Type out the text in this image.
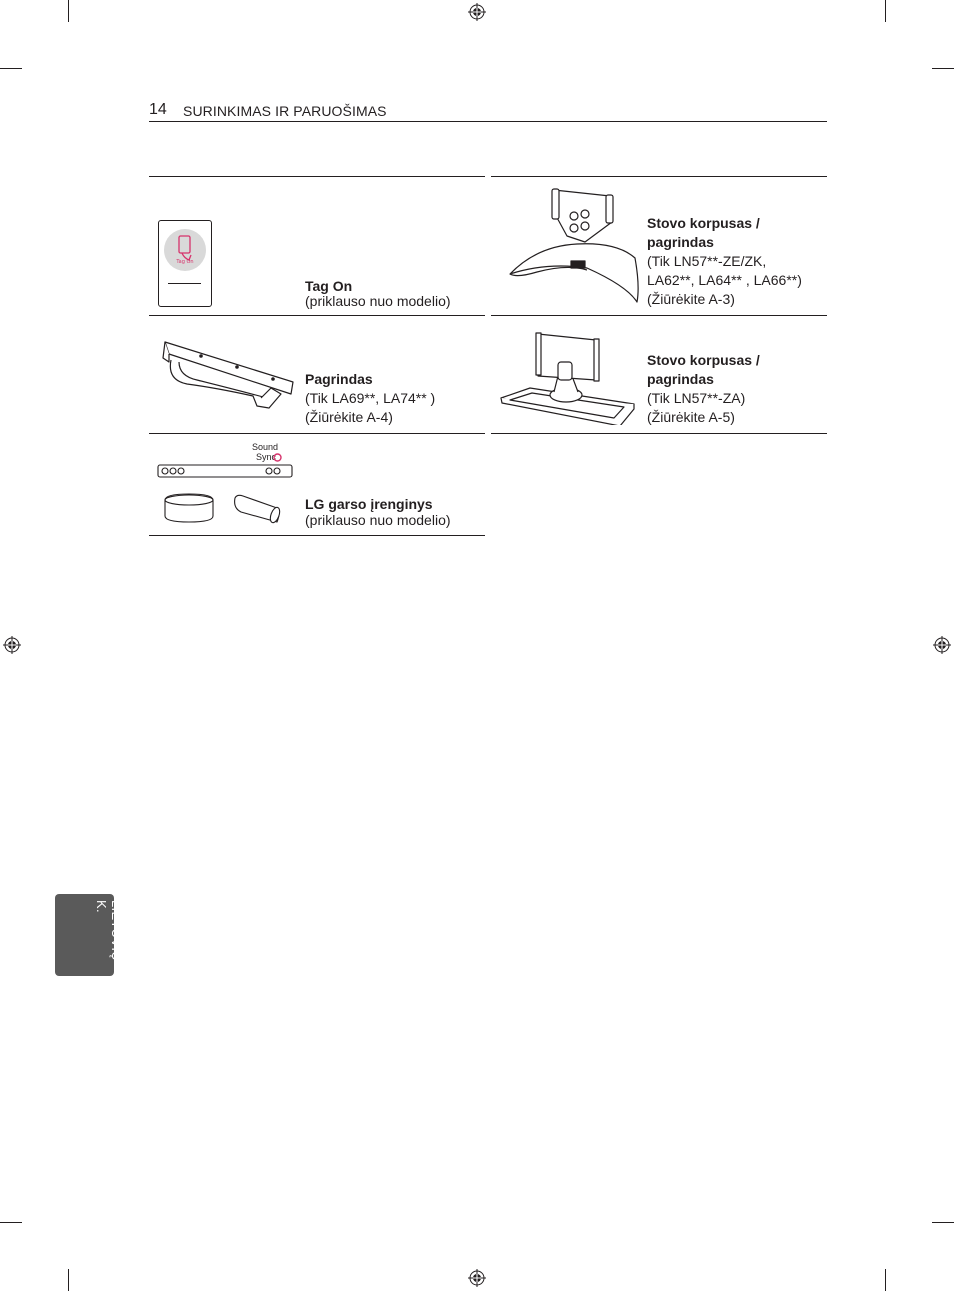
14 SURINKIMAS IR PARUOŠIMAS
Tag On
Tag On
(priklauso nuo modelio)
Stovo korpusas /
pagrindas
(Tik LN57**-ZE/ZK,
LA62**, LA64** , LA66**)
(Žiūrėkite A-3)
Pagrindas
(Tik LA69**, LA74** )
(Žiūrėkite A-4)
Stovo korpusas /
pagrindas
(Tik LN57**-ZA)
(Žiūrėkite A-5)
Sound
Sync
LG garso įrenginys
(priklauso nuo modelio)
LIETUVIŲ K.
